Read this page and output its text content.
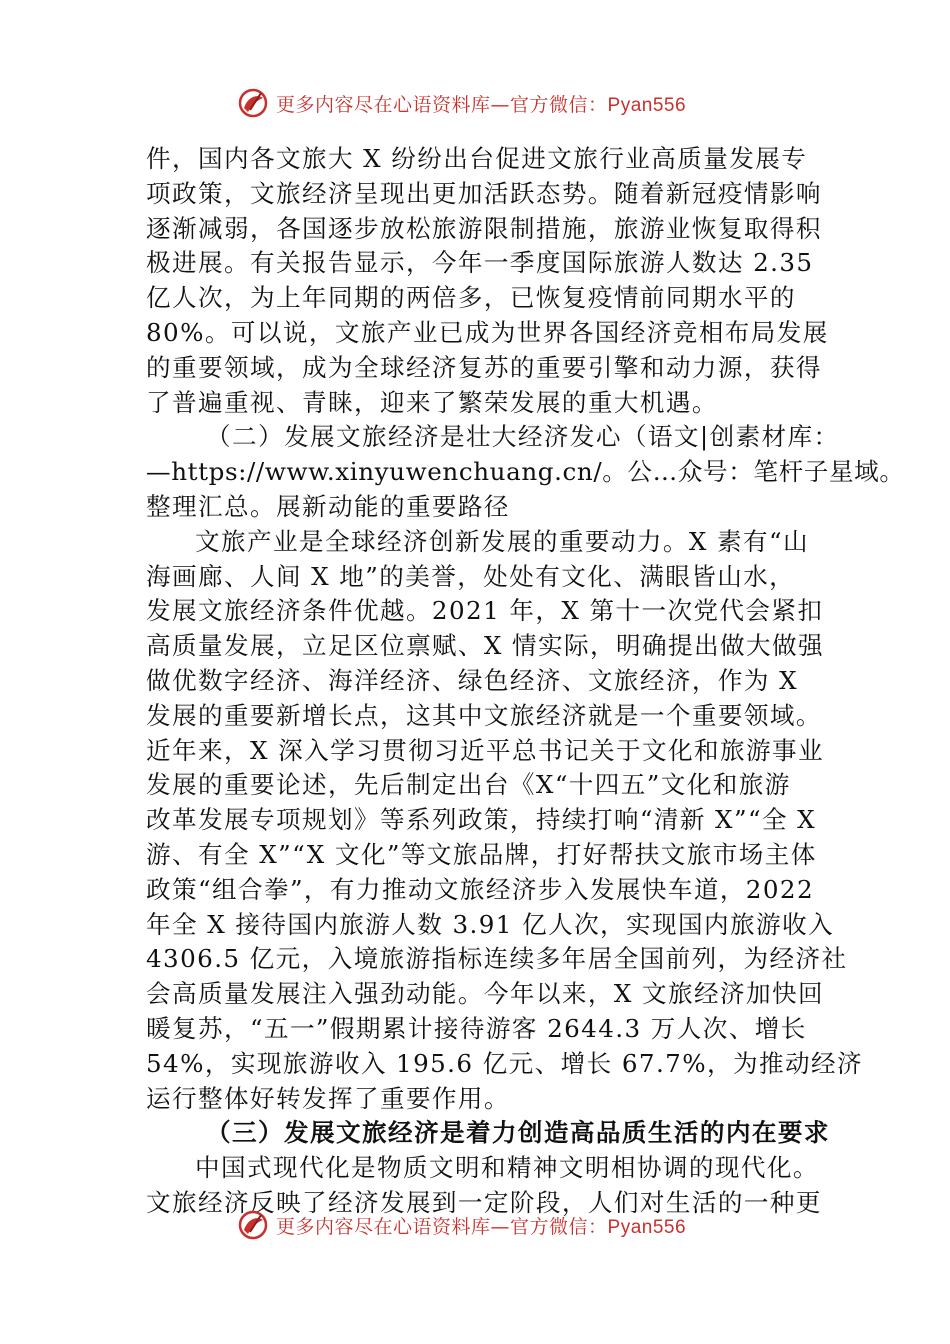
更多内容尽在心语资料库—官方微信：Pyan556
件，国内各文旅大 X 纷纷出台促进文旅行业高质量发展专
项政策，文旅经济呈现出更加活跃态势。随着新冠疫情影响
逐渐减弱，各国逐步放松旅游限制措施，旅游业恢复取得积
极进展。有关报告显示，今年一季度国际旅游人数达 2.35
亿人次，为上年同期的两倍多，已恢复疫情前同期水平的
80%。可以说，文旅产业已成为世界各国经济竞相布局发展
的重要领域，成为全球经济复苏的重要引擎和动力源，获得
了普遍重视、青睐，迎来了繁荣发展的重大机遇。
（二）发展文旅经济是壮大经济发心（语文|创素材库：
—https://www.xinyuwenchuang.cn/。公…众号：笔杆子星域。
整理汇总。展新动能的重要路径
文旅产业是全球经济创新发展的重要动力。X 素有“山
海画廊、人间 X 地”的美誉，处处有文化、满眼皆山水，
发展文旅经济条件优越。2021 年，X 第十一次党代会紧扣
高质量发展，立足区位禀赋、X 情实际，明确提出做大做强
做优数字经济、海洋经济、绿色经济、文旅经济，作为 X
发展的重要新增长点，这其中文旅经济就是一个重要领域。
近年来，X 深入学习贯彻习近平总书记关于文化和旅游事业
发展的重要论述，先后制定出台《X“十四五”文化和旅游
改革发展专项规划》等系列政策，持续打响“清新 X”“全 X
游、有全 X”“X 文化”等文旅品牌，打好帮扶文旅市场主体
政策“组合拳”，有力推动文旅经济步入发展快车道，2022
年全 X 接待国内旅游人数 3.91 亿人次，实现国内旅游收入
4306.5 亿元，入境旅游指标连续多年居全国前列，为经济社
会高质量发展注入强劲动能。今年以来，X 文旅经济加快回
暖复苏，“五一”假期累计接待游客 2644.3 万人次、增长
54%，实现旅游收入 195.6 亿元、增长 67.7%，为推动经济
运行整体好转发挥了重要作用。
（三）发展文旅经济是着力创造高品质生活的内在要求
中国式现代化是物质文明和精神文明相协调的现代化。
文旅经济反映了经济发展到一定阶段，人们对生活的一种更
更多内容尽在心语资料库—官方微信：Pyan556
